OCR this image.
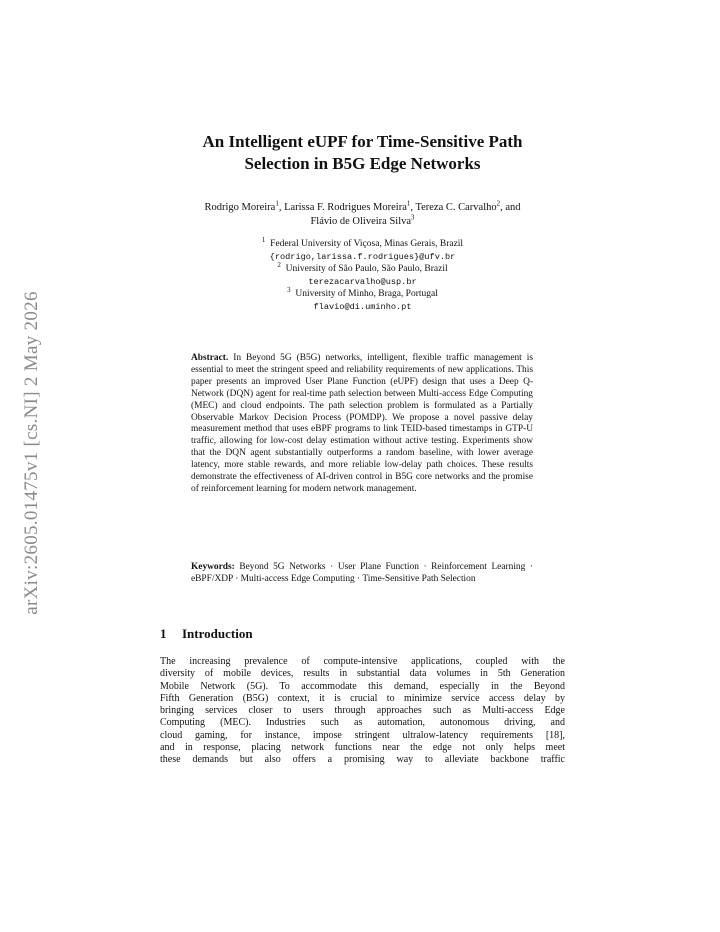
arXiv:2605.01475v1 [cs.NI] 2 May 2026
An Intelligent eUPF for Time-Sensitive Path
Selection in B5G Edge Networks
Rodrigo Moreira$^1$, Larissa F. Rodrigues Moreira$^1$, Tereza C. Carvalho$^2$, and
Flávio de Oliveira Silva$^3$
$^1$ Federal University of Viçosa, Minas Gerais, Brazil
{rodrigo,larissa.f.rodrigues}@ufv.br
$^2$ University of São Paulo, São Paulo, Brazil
terezacarvalho@usp.br
$^3$ University of Minho, Braga, Portugal
flavio@di.uminho.pt

Abstract. In Beyond 5G (B5G) networks, intelligent, flexible traffic management is essential to meet the stringent speed and reliability requirements of new applications. This paper presents an improved User Plane Function (eUPF) design that uses a Deep Q-Network (DQN) agent for real-time path selection between Multi-access Edge Computing (MEC) and cloud endpoints. The path selection problem is formulated as a Partially Observable Markov Decision Process (POMDP). We propose a novel passive delay measurement method that uses eBPF programs to link TEID-based timestamps in GTP-U traffic, allowing for low-cost delay estimation without active testing. Experiments show that the DQN agent substantially outperforms a random baseline, with lower average latency, more stable rewards, and more reliable low-delay path choices. These results demonstrate the effectiveness of AI-driven control in B5G core networks and the promise of reinforcement learning for modern network management.

Keywords: Beyond 5G Networks · User Plane Function · Reinforcement Learning · eBPF/XDP · Multi-access Edge Computing · Time-Sensitive Path Selection

1 Introduction
The increasing prevalence of compute-intensive applications, coupled with the
diversity of mobile devices, results in substantial data volumes in 5th Generation
Mobile Network (5G). To accommodate this demand, especially in the Beyond
Fifth Generation (B5G) context, it is crucial to minimize service access delay by
bringing services closer to users through approaches such as Multi-access Edge
Computing (MEC). Industries such as automation, autonomous driving, and
cloud gaming, for instance, impose stringent ultralow-latency requirements [18],
and in response, placing network functions near the edge not only helps meet
these demands but also offers a promising way to alleviate backbone traffic
